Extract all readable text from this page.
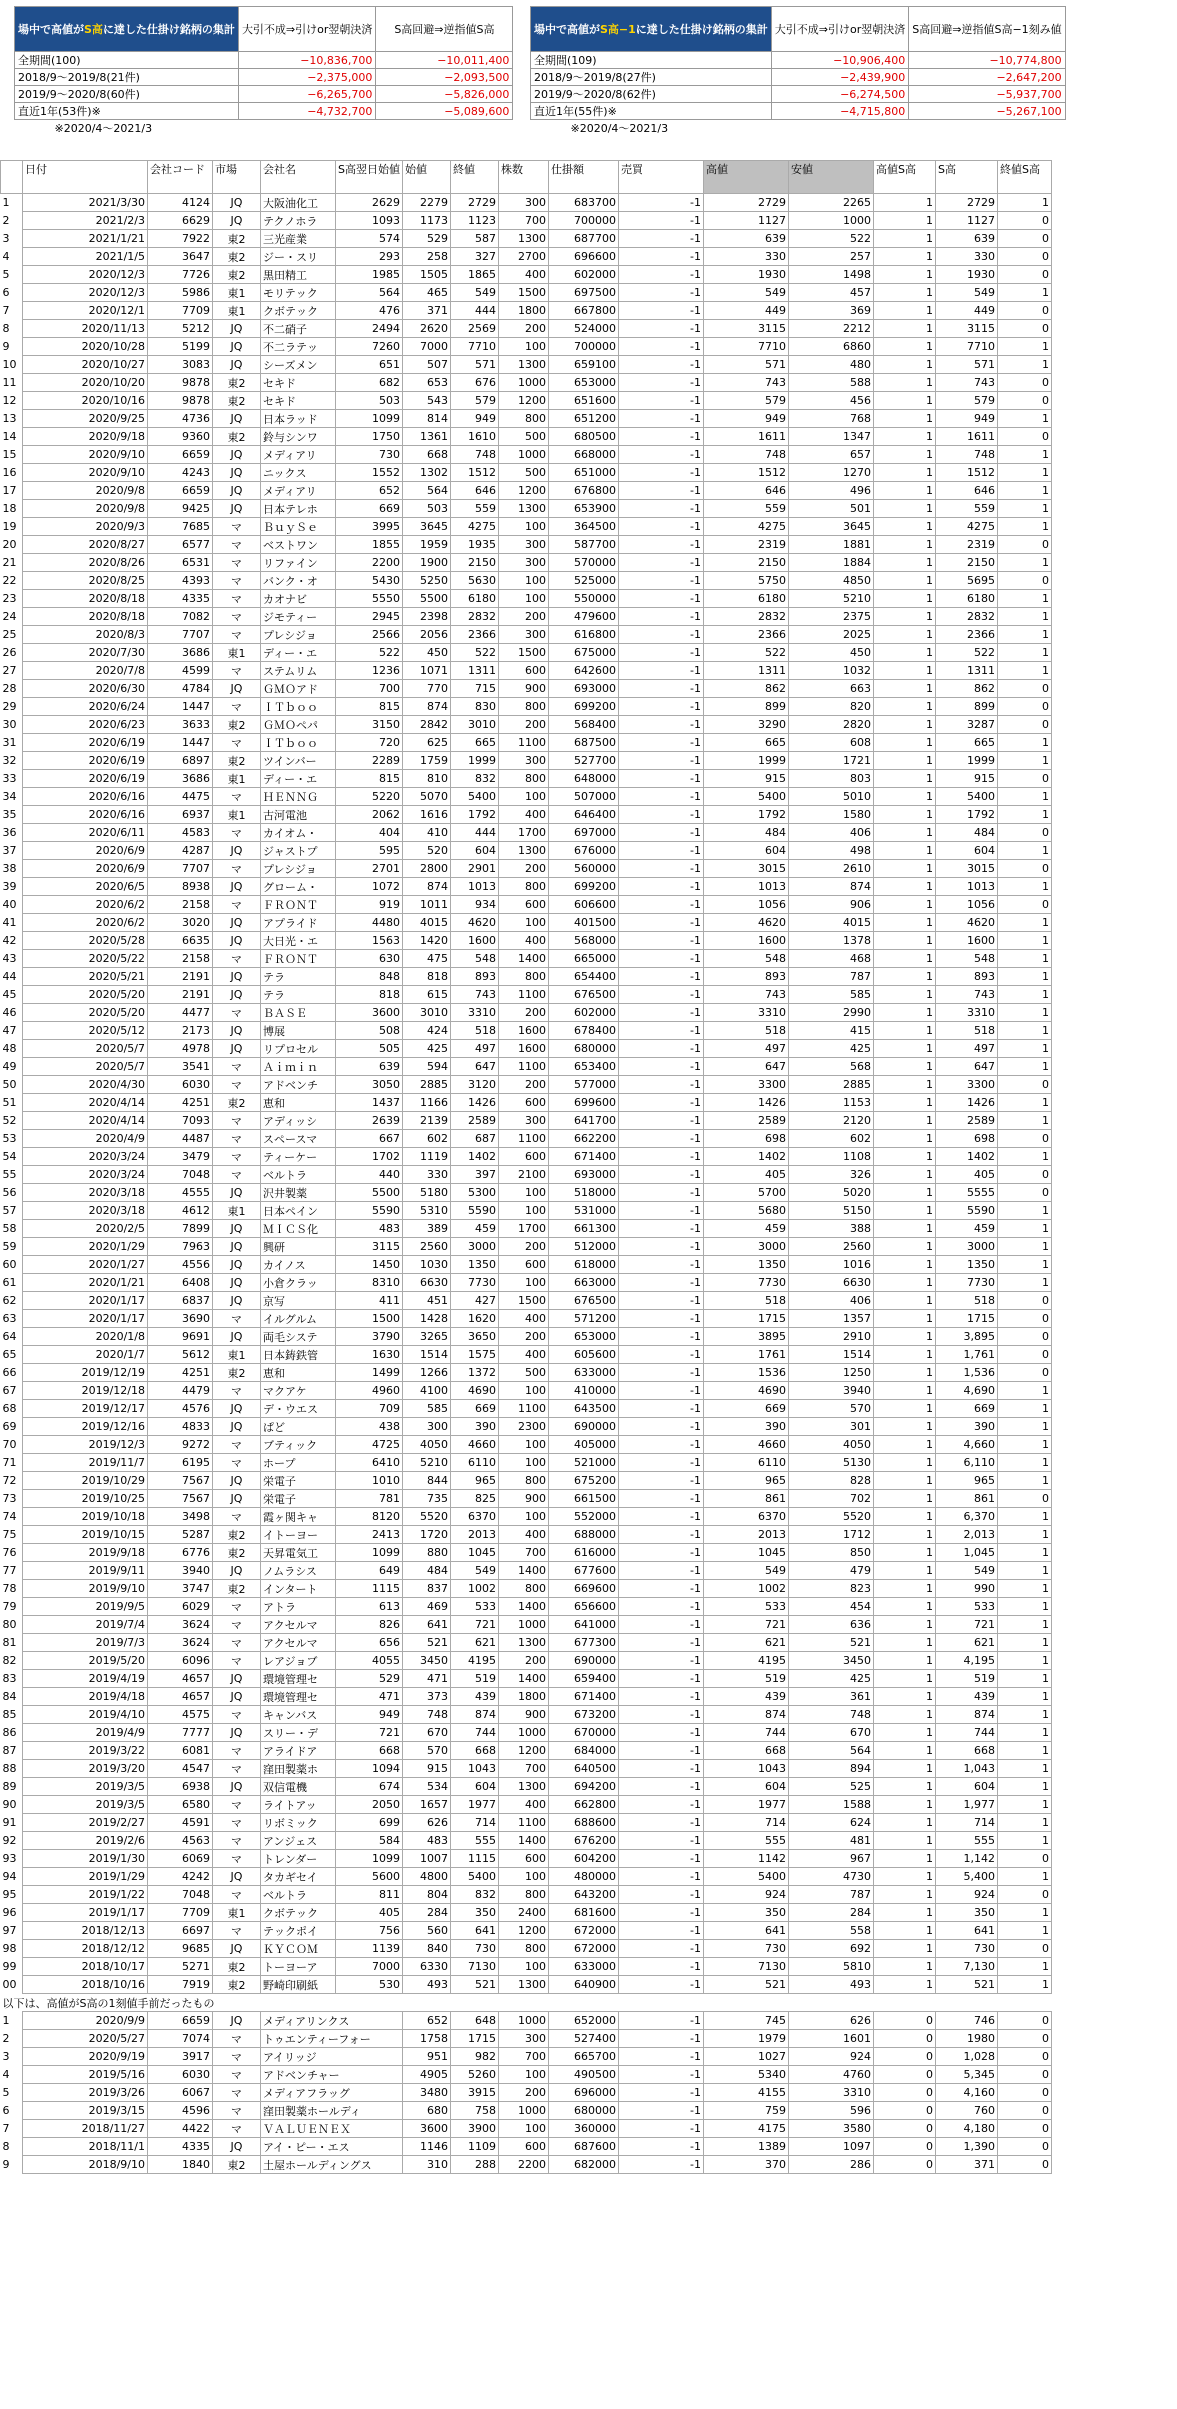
場中で高値がS高に達した仕掛け銘柄の集計	大引不成⇒引けor翌朝決済	S高回避⇒逆指値S高
全期間(100)	−10,836,700	−10,011,400
2018/9〜2019/8(21件)	−2,375,000	−2,093,500
2019/9〜2020/8(60件)	−6,265,700	−5,826,000
直近1年(53件)※	−4,732,700	−5,089,600
※2020/4〜2021/3		
場中で高値がS高−1に達した仕掛け銘柄の集計	大引不成⇒引けor翌朝決済	S高回避⇒逆指値S高−1刻み値
全期間(109)	−10,906,400	−10,774,800
2018/9〜2019/8(27件)	−2,439,900	−2,647,200
2019/9〜2020/8(62件)	−6,274,500	−5,937,700
直近1年(55件)※	−4,715,800	−5,267,100
※2020/4〜2021/3		
	日付	会社コード	市場	会社名	S高翌日始値	始値	終値	株数	仕掛額	売買	高値	安値	高値S高	S高	終値S高
1	2021/3/30	4124	JQ	大阪油化工	2629	2279	2729	300	683700	-1	2729	2265	1	2729	1
2	2021/2/3	6629	JQ	テクノホラ	1093	1173	1123	700	700000	-1	1127	1000	1	1127	0
3	2021/1/21	7922	東2	三光産業	574	529	587	1300	687700	-1	639	522	1	639	0
4	2021/1/5	3647	東2	ジー・スリ	293	258	327	2700	696600	-1	330	257	1	330	0
5	2020/12/3	7726	東2	黒田精工	1985	1505	1865	400	602000	-1	1930	1498	1	1930	0
6	2020/12/3	5986	東1	モリテック	564	465	549	1500	697500	-1	549	457	1	549	1
7	2020/12/1	7709	東1	クボテック	476	371	444	1800	667800	-1	449	369	1	449	0
8	2020/11/13	5212	JQ	不二硝子	2494	2620	2569	200	524000	-1	3115	2212	1	3115	0
9	2020/10/28	5199	JQ	不二ラテッ	7260	7000	7710	100	700000	-1	7710	6860	1	7710	1
10	2020/10/27	3083	JQ	シーズメン	651	507	571	1300	659100	-1	571	480	1	571	1
11	2020/10/20	9878	東2	セキド	682	653	676	1000	653000	-1	743	588	1	743	0
12	2020/10/16	9878	東2	セキド	503	543	579	1200	651600	-1	579	456	1	579	0
13	2020/9/25	4736	JQ	日本ラッド	1099	814	949	800	651200	-1	949	768	1	949	1
14	2020/9/18	9360	東2	鈴与シンワ	1750	1361	1610	500	680500	-1	1611	1347	1	1611	0
15	2020/9/10	6659	JQ	メディアリ	730	668	748	1000	668000	-1	748	657	1	748	1
16	2020/9/10	4243	JQ	ニックス	1552	1302	1512	500	651000	-1	1512	1270	1	1512	1
17	2020/9/8	6659	JQ	メディアリ	652	564	646	1200	676800	-1	646	496	1	646	1
18	2020/9/8	9425	JQ	日本テレホ	669	503	559	1300	653900	-1	559	501	1	559	1
19	2020/9/3	7685	マ	ＢｕｙＳｅ	3995	3645	4275	100	364500	-1	4275	3645	1	4275	1
20	2020/8/27	6577	マ	ベストワン	1855	1959	1935	300	587700	-1	2319	1881	1	2319	0
21	2020/8/26	6531	マ	リファイン	2200	1900	2150	300	570000	-1	2150	1884	1	2150	1
22	2020/8/25	4393	マ	バンク・オ	5430	5250	5630	100	525000	-1	5750	4850	1	5695	0
23	2020/8/18	4335	マ	カオナビ	5550	5500	6180	100	550000	-1	6180	5210	1	6180	1
24	2020/8/18	7082	マ	ジモティー	2945	2398	2832	200	479600	-1	2832	2375	1	2832	1
25	2020/8/3	7707	マ	プレシジョ	2566	2056	2366	300	616800	-1	2366	2025	1	2366	1
26	2020/7/30	3686	東1	ディー・エ	522	450	522	1500	675000	-1	522	450	1	522	1
27	2020/7/8	4599	マ	ステムリム	1236	1071	1311	600	642600	-1	1311	1032	1	1311	1
28	2020/6/30	4784	JQ	ＧＭＯアド	700	770	715	900	693000	-1	862	663	1	862	0
29	2020/6/24	1447	マ	ＩＴｂｏｏ	815	874	830	800	699200	-1	899	820	1	899	0
30	2020/6/23	3633	東2	ＧＭＯペパ	3150	2842	3010	200	568400	-1	3290	2820	1	3287	0
31	2020/6/19	1447	マ	ＩＴｂｏｏ	720	625	665	1100	687500	-1	665	608	1	665	1
32	2020/6/19	6897	東2	ツインバー	2289	1759	1999	300	527700	-1	1999	1721	1	1999	1
33	2020/6/19	3686	東1	ディー・エ	815	810	832	800	648000	-1	915	803	1	915	0
34	2020/6/16	4475	マ	ＨＥＮＮＧ	5220	5070	5400	100	507000	-1	5400	5010	1	5400	1
35	2020/6/16	6937	東1	古河電池	2062	1616	1792	400	646400	-1	1792	1580	1	1792	1
36	2020/6/11	4583	マ	カイオム・	404	410	444	1700	697000	-1	484	406	1	484	0
37	2020/6/9	4287	JQ	ジャストプ	595	520	604	1300	676000	-1	604	498	1	604	1
38	2020/6/9	7707	マ	プレシジョ	2701	2800	2901	200	560000	-1	3015	2610	1	3015	0
39	2020/6/5	8938	JQ	グローム・	1072	874	1013	800	699200	-1	1013	874	1	1013	1
40	2020/6/2	2158	マ	ＦＲＯＮＴ	919	1011	934	600	606600	-1	1056	906	1	1056	0
41	2020/6/2	3020	JQ	アプライド	4480	4015	4620	100	401500	-1	4620	4015	1	4620	1
42	2020/5/28	6635	JQ	大日光・エ	1563	1420	1600	400	568000	-1	1600	1378	1	1600	1
43	2020/5/22	2158	マ	ＦＲＯＮＴ	630	475	548	1400	665000	-1	548	468	1	548	1
44	2020/5/21	2191	JQ	テラ	848	818	893	800	654400	-1	893	787	1	893	1
45	2020/5/20	2191	JQ	テラ	818	615	743	1100	676500	-1	743	585	1	743	1
46	2020/5/20	4477	マ	ＢＡＳＥ	3600	3010	3310	200	602000	-1	3310	2990	1	3310	1
47	2020/5/12	2173	JQ	博展	508	424	518	1600	678400	-1	518	415	1	518	1
48	2020/5/7	4978	JQ	リプロセル	505	425	497	1600	680000	-1	497	425	1	497	1
49	2020/5/7	3541	マ	Ａｉｍｉｎ	639	594	647	1100	653400	-1	647	568	1	647	1
50	2020/4/30	6030	マ	アドベンチ	3050	2885	3120	200	577000	-1	3300	2885	1	3300	0
51	2020/4/14	4251	東2	恵和	1437	1166	1426	600	699600	-1	1426	1153	1	1426	1
52	2020/4/14	7093	マ	アディッシ	2639	2139	2589	300	641700	-1	2589	2120	1	2589	1
53	2020/4/9	4487	マ	スペースマ	667	602	687	1100	662200	-1	698	602	1	698	0
54	2020/3/24	3479	マ	ティーケー	1702	1119	1402	600	671400	-1	1402	1108	1	1402	1
55	2020/3/24	7048	マ	ベルトラ	440	330	397	2100	693000	-1	405	326	1	405	0
56	2020/3/18	4555	JQ	沢井製薬	5500	5180	5300	100	518000	-1	5700	5020	1	5555	0
57	2020/3/18	4612	東1	日本ペイン	5590	5310	5590	100	531000	-1	5680	5150	1	5590	1
58	2020/2/5	7899	JQ	ＭＩＣＳ化	483	389	459	1700	661300	-1	459	388	1	459	1
59	2020/1/29	7963	JQ	興研	3115	2560	3000	200	512000	-1	3000	2560	1	3000	1
60	2020/1/27	4556	JQ	カイノス	1450	1030	1350	600	618000	-1	1350	1016	1	1350	1
61	2020/1/21	6408	JQ	小倉クラッ	8310	6630	7730	100	663000	-1	7730	6630	1	7730	1
62	2020/1/17	6837	JQ	京写	411	451	427	1500	676500	-1	518	406	1	518	0
63	2020/1/17	3690	マ	イルグルム	1500	1428	1620	400	571200	-1	1715	1357	1	1715	0
64	2020/1/8	9691	JQ	両毛システ	3790	3265	3650	200	653000	-1	3895	2910	1	3,895	0
65	2020/1/7	5612	東1	日本鋳鉄管	1630	1514	1575	400	605600	-1	1761	1514	1	1,761	0
66	2019/12/19	4251	東2	恵和	1499	1266	1372	500	633000	-1	1536	1250	1	1,536	0
67	2019/12/18	4479	マ	マクアケ	4960	4100	4690	100	410000	-1	4690	3940	1	4,690	1
68	2019/12/17	4576	JQ	デ・ウエス	709	585	669	1100	643500	-1	669	570	1	669	1
69	2019/12/16	4833	JQ	ぱど	438	300	390	2300	690000	-1	390	301	1	390	1
70	2019/12/3	9272	マ	ブティック	4725	4050	4660	100	405000	-1	4660	4050	1	4,660	1
71	2019/11/7	6195	マ	ホープ	6410	5210	6110	100	521000	-1	6110	5130	1	6,110	1
72	2019/10/29	7567	JQ	栄電子	1010	844	965	800	675200	-1	965	828	1	965	1
73	2019/10/25	7567	JQ	栄電子	781	735	825	900	661500	-1	861	702	1	861	0
74	2019/10/18	3498	マ	霞ヶ関キャ	8120	5520	6370	100	552000	-1	6370	5520	1	6,370	1
75	2019/10/15	5287	東2	イトーヨー	2413	1720	2013	400	688000	-1	2013	1712	1	2,013	1
76	2019/9/18	6776	東2	天昇電気工	1099	880	1045	700	616000	-1	1045	850	1	1,045	1
77	2019/9/11	3940	JQ	ノムラシス	649	484	549	1400	677600	-1	549	479	1	549	1
78	2019/9/10	3747	東2	インタート	1115	837	1002	800	669600	-1	1002	823	1	990	1
79	2019/9/5	6029	マ	アトラ	613	469	533	1400	656600	-1	533	454	1	533	1
80	2019/7/4	3624	マ	アクセルマ	826	641	721	1000	641000	-1	721	636	1	721	1
81	2019/7/3	3624	マ	アクセルマ	656	521	621	1300	677300	-1	621	521	1	621	1
82	2019/5/20	6096	マ	レアジョブ	4055	3450	4195	200	690000	-1	4195	3450	1	4,195	1
83	2019/4/19	4657	JQ	環境管理セ	529	471	519	1400	659400	-1	519	425	1	519	1
84	2019/4/18	4657	JQ	環境管理セ	471	373	439	1800	671400	-1	439	361	1	439	1
85	2019/4/10	4575	マ	キャンバス	949	748	874	900	673200	-1	874	748	1	874	1
86	2019/4/9	7777	JQ	スリー・デ	721	670	744	1000	670000	-1	744	670	1	744	1
87	2019/3/22	6081	マ	アライドア	668	570	668	1200	684000	-1	668	564	1	668	1
88	2019/3/20	4547	マ	窪田製薬ホ	1094	915	1043	700	640500	-1	1043	894	1	1,043	1
89	2019/3/5	6938	JQ	双信電機	674	534	604	1300	694200	-1	604	525	1	604	1
90	2019/3/5	6580	マ	ライトアッ	2050	1657	1977	400	662800	-1	1977	1588	1	1,977	1
91	2019/2/27	4591	マ	リボミック	699	626	714	1100	688600	-1	714	624	1	714	1
92	2019/2/6	4563	マ	アンジェス	584	483	555	1400	676200	-1	555	481	1	555	1
93	2019/1/30	6069	マ	トレンダー	1099	1007	1115	600	604200	-1	1142	967	1	1,142	0
94	2019/1/29	4242	JQ	タカギセイ	5600	4800	5400	100	480000	-1	5400	4730	1	5,400	1
95	2019/1/22	7048	マ	ベルトラ	811	804	832	800	643200	-1	924	787	1	924	0
96	2019/1/17	7709	東1	クボテック	405	284	350	2400	681600	-1	350	284	1	350	1
97	2018/12/13	6697	マ	テックポイ	756	560	641	1200	672000	-1	641	558	1	641	1
98	2018/12/12	9685	JQ	ＫＹＣＯＭ	1139	840	730	800	672000	-1	730	692	1	730	0
99	2018/10/17	5271	東2	トーヨーア	7000	6330	7130	100	633000	-1	7130	5810	1	7,130	1
00	2018/10/16	7919	東2	野崎印刷紙	530	493	521	1300	640900	-1	521	493	1	521	1
以下は、高値がS高の1刻値手前だったもの															
1	2020/9/9	6659	JQ	メディアリンクス		652	648	1000	652000	-1	745	626	0	746	0
2	2020/5/27	7074	マ	トゥエンティーフォー		1758	1715	300	527400	-1	1979	1601	0	1980	0
3	2020/9/19	3917	マ	アイリッジ		951	982	700	665700	-1	1027	924	0	1,028	0
4	2019/5/16	6030	マ	アドベンチャー		4905	5260	100	490500	-1	5340	4760	0	5,345	0
5	2019/3/26	6067	マ	メディアフラッグ		3480	3915	200	696000	-1	4155	3310	0	4,160	0
6	2019/3/15	4596	マ	窪田製薬ホールディ		680	758	1000	680000	-1	759	596	0	760	0
7	2018/11/27	4422	マ	ＶＡＬＵＥＮＥＸ		3600	3900	100	360000	-1	4175	3580	0	4,180	0
8	2018/11/1	4335	JQ	アイ・ピー・エス		1146	1109	600	687600	-1	1389	1097	0	1,390	0
9	2018/9/10	1840	東2	土屋ホールディングス		310	288	2200	682000	-1	370	286	0	371	0
